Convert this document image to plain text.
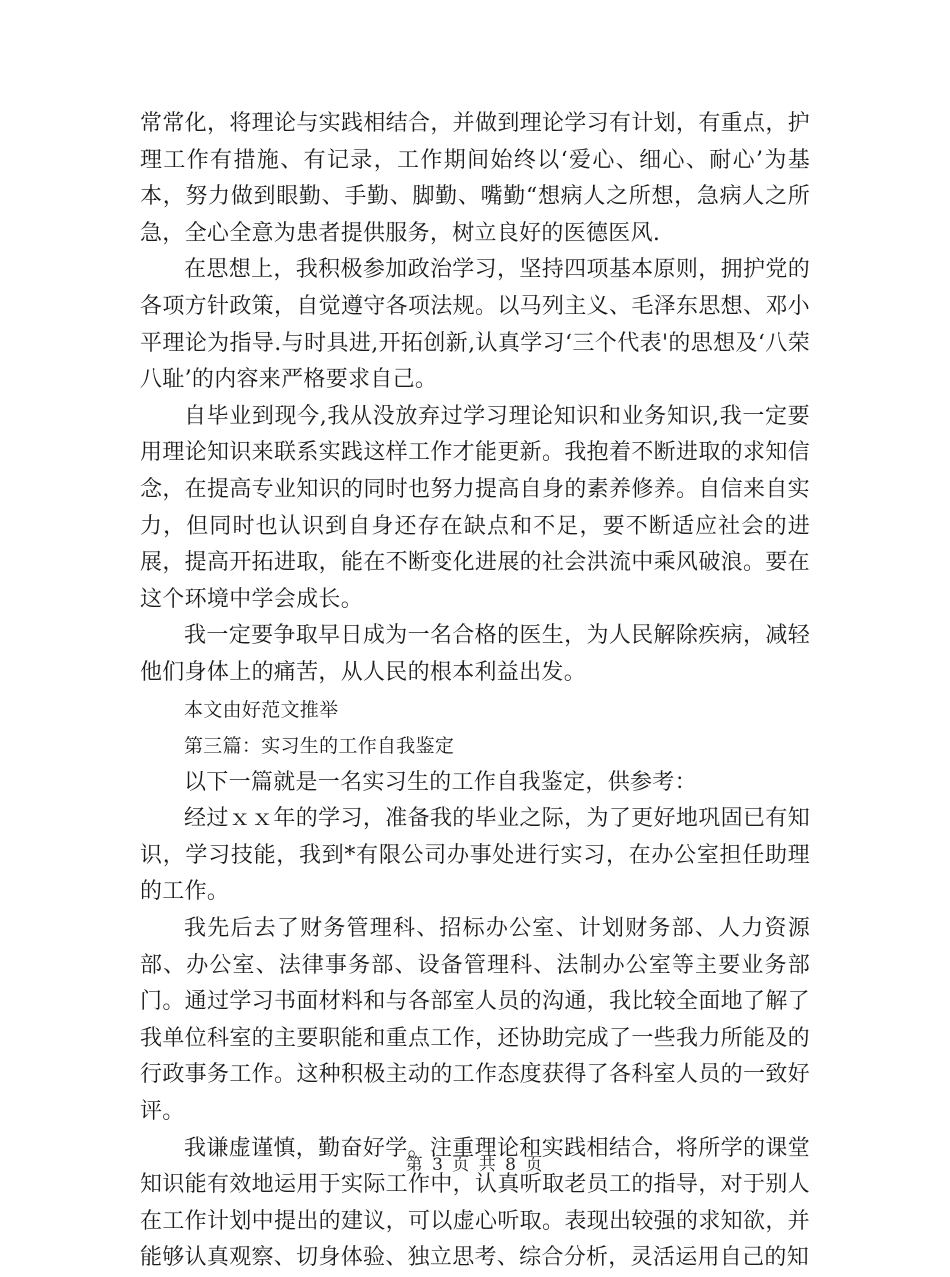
常常化，将理论与实践相结合，并做到理论学习有计划，有重点，护理工作有措施、有记录，工作期间始终以‘爱心、细心、耐心’为基本，努力做到眼勤、手勤、脚勤、嘴勤“想病人之所想，急病人之所急，全心全意为患者提供服务，树立良好的医德医风.

在思想上，我积极参加政治学习，坚持四项基本原则，拥护党的各项方针政策，自觉遵守各项法规。以马列主义、毛泽东思想、邓小平理论为指导.与时具进,开拓创新,认真学习‘三个代表'的思想及‘八荣八耻’的内容来严格要求自己。

自毕业到现今,我从没放弃过学习理论知识和业务知识,我一定要用理论知识来联系实践这样工作才能更新。我抱着不断进取的求知信念，在提高专业知识的同时也努力提高自身的素养修养。自信来自实力，但同时也认识到自身还存在缺点和不足，要不断适应社会的进展，提高开拓进取，能在不断变化进展的社会洪流中乘风破浪。要在这个环境中学会成长。

我一定要争取早日成为一名合格的医生，为人民解除疾病，减轻他们身体上的痛苦，从人民的根本利益出发。

本文由好范文推举

第三篇：实习生的工作自我鉴定

以下一篇就是一名实习生的工作自我鉴定，供参考：

经过ｘｘ年的学习，准备我的毕业之际，为了更好地巩固已有知识，学习技能，我到*有限公司办事处进行实习，在办公室担任助理的工作。

我先后去了财务管理科、招标办公室、计划财务部、人力资源部、办公室、法律事务部、设备管理科、法制办公室等主要业务部门。通过学习书面材料和与各部室人员的沟通，我比较全面地了解了我单位科室的主要职能和重点工作，还协助完成了一些我力所能及的行政事务工作。这种积极主动的工作态度获得了各科室人员的一致好评。

我谦虚谨慎，勤奋好学。注重理论和实践相结合，将所学的课堂知识能有效地运用于实际工作中，认真听取老员工的指导，对于别人在工作计划中提出的建议，可以虚心听取。表现出较强的求知欲，并能够认真观察、切身体验、独立思考、综合分析，灵活运用自己的知

第 3 页 共 8 页
